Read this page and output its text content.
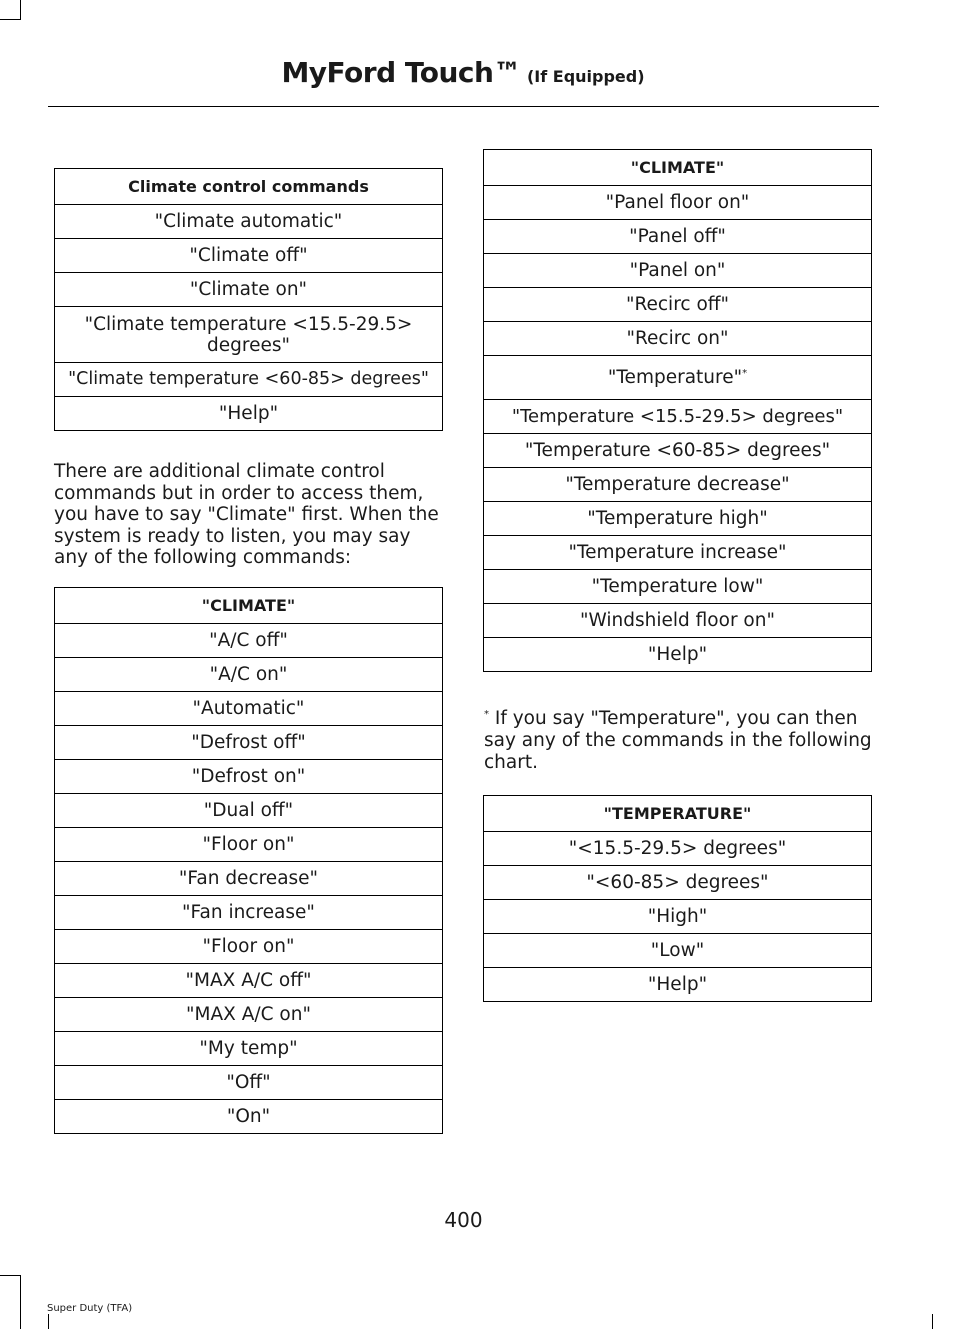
MyFord Touch™ (If Equipped)
Climate control commands
"Climate automatic"
"Climate off"
"Climate on"
"Climate temperature <15.5-29.5> degrees"
"Climate temperature <60-85> degrees"
"Help"
There are additional climate control commands but in order to access them, you have to say "Climate" first. When the system is ready to listen, you may say any of the following commands:
"CLIMATE"
"A/C off"
"A/C on"
"Automatic"
"Defrost off"
"Defrost on"
"Dual off"
"Floor on"
"Fan decrease"
"Fan increase"
"Floor on"
"MAX A/C off"
"MAX A/C on"
"My temp"
"Off"
"On"
"CLIMATE"
"Panel floor on"
"Panel off"
"Panel on"
"Recirc off"
"Recirc on"
"Temperature"*
"Temperature <15.5-29.5> degrees"
"Temperature <60-85> degrees"
"Temperature decrease"
"Temperature high"
"Temperature increase"
"Temperature low"
"Windshield floor on"
"Help"
* If you say "Temperature", you can then say any of the commands in the following chart.
"TEMPERATURE"
"<15.5-29.5> degrees"
"<60-85> degrees"
"High"
"Low"
"Help"
400
Super Duty (TFA)
